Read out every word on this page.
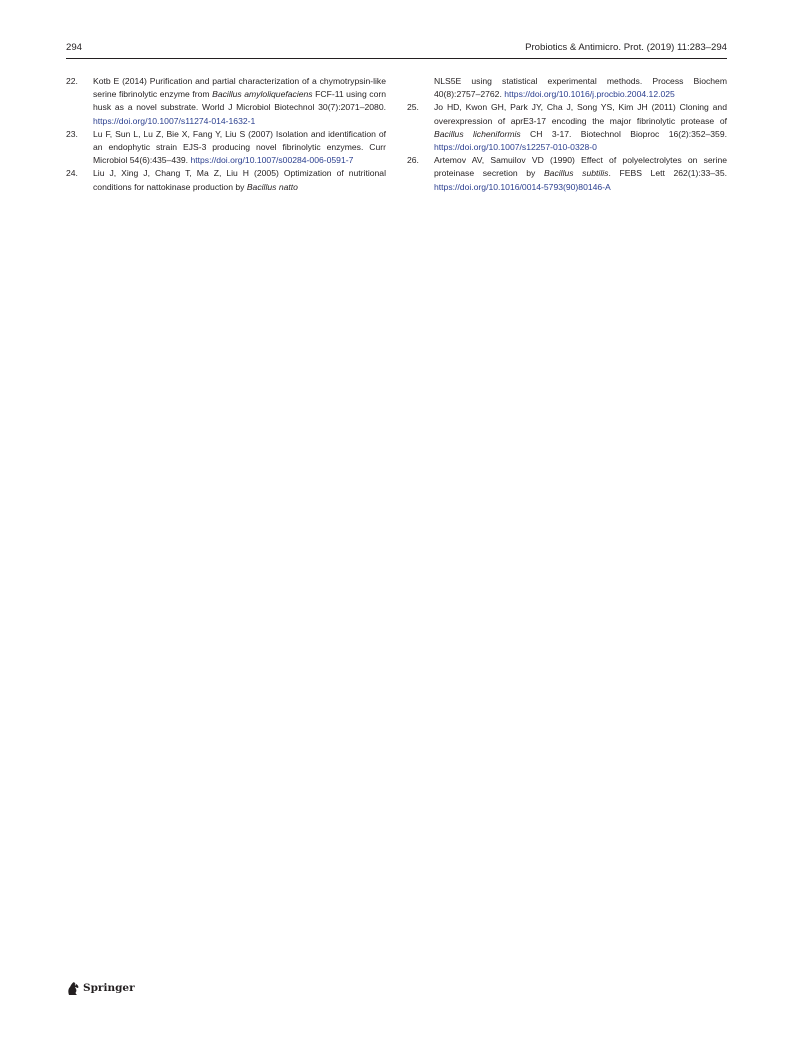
294	Probiotics & Antimicro. Prot. (2019) 11:283–294
22. Kotb E (2014) Purification and partial characterization of a chymotrypsin-like serine fibrinolytic enzyme from Bacillus amyloliquefaciens FCF-11 using corn husk as a novel substrate. World J Microbiol Biotechnol 30(7):2071–2080. https://doi.org/10.1007/s11274-014-1632-1
23. Lu F, Sun L, Lu Z, Bie X, Fang Y, Liu S (2007) Isolation and identification of an endophytic strain EJS-3 producing novel fibrinolytic enzymes. Curr Microbiol 54(6):435–439. https://doi.org/10.1007/s00284-006-0591-7
24. Liu J, Xing J, Chang T, Ma Z, Liu H (2005) Optimization of nutritional conditions for nattokinase production by Bacillus natto
NLS5E using statistical experimental methods. Process Biochem 40(8):2757–2762. https://doi.org/10.1016/j.procbio.2004.12.025
25. Jo HD, Kwon GH, Park JY, Cha J, Song YS, Kim JH (2011) Cloning and overexpression of aprE3-17 encoding the major fibrinolytic protease of Bacillus licheniformis CH 3-17. Biotechnol Bioproc 16(2):352–359. https://doi.org/10.1007/s12257-010-0328-0
26. Artemov AV, Samuilov VD (1990) Effect of polyelectrolytes on serine proteinase secretion by Bacillus subtilis. FEBS Lett 262(1):33–35. https://doi.org/10.1016/0014-5793(90)80146-A
Springer
